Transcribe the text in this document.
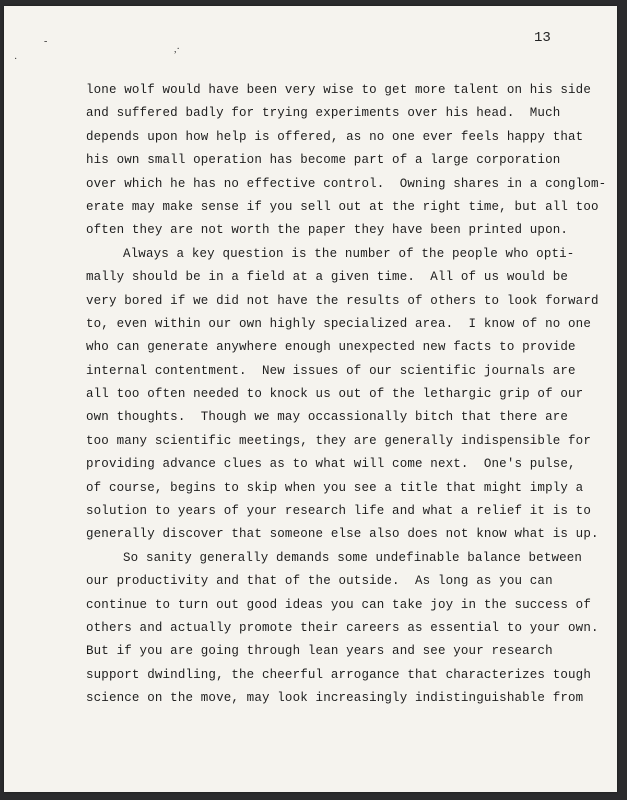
-
,·
·
13
lone wolf would have been very wise to get more talent on his side
and suffered badly for trying experiments over his head.  Much
depends upon how help is offered, as no one ever feels happy that
his own small operation has become part of a large corporation
over which he has no effective control.  Owning shares in a conglom-
erate may make sense if you sell out at the right time, but all too
often they are not worth the paper they have been printed upon.
Always a key question is the number of the people who opti-
mally should be in a field at a given time.  All of us would be
very bored if we did not have the results of others to look forward
to, even within our own highly specialized area.  I know of no one
who can generate anywhere enough unexpected new facts to provide
internal contentment.  New issues of our scientific journals are
all too often needed to knock us out of the lethargic grip of our
own thoughts.  Though we may occassionally bitch that there are
too many scientific meetings, they are generally indispensible for
providing advance clues as to what will come next.  One's pulse,
of course, begins to skip when you see a title that might imply a
solution to years of your research life and what a relief it is to
generally discover that someone else also does not know what is up.
So sanity generally demands some undefinable balance between
our productivity and that of the outside.  As long as you can
continue to turn out good ideas you can take joy in the success of
others and actually promote their careers as essential to your own.
But if you are going through lean years and see your research
support dwindling, the cheerful arrogance that characterizes tough
science on the move, may look increasingly indistinguishable from
